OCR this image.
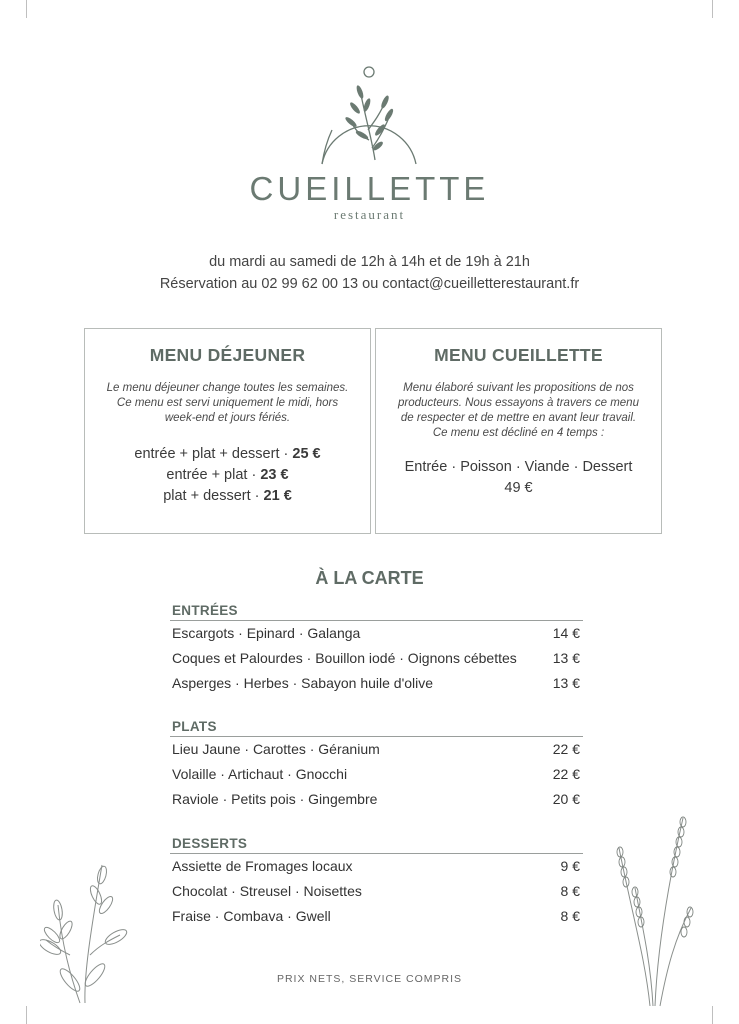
CUEILLETTE
restaurant
du mardi au samedi de 12h à 14h et de 19h à 21h
Réservation au 02 99 62 00 13 ou contact@cueilletterestaurant.fr
MENU DÉJEUNER
Le menu déjeuner change toutes les semaines.
Ce menu est servi uniquement le midi, hors
week-end et jours fériés.
entrée + plat + dessert · 25 €
entrée + plat · 23 €
plat + dessert · 21 €
MENU CUEILLETTE
Menu élaboré suivant les propositions de nos
producteurs. Nous essayons à travers ce menu
de respecter et de mettre en avant leur travail.
Ce menu est décliné en 4 temps :
Entrée · Poisson · Viande · Dessert
49 €
À LA CARTE
ENTRÉES
Escargots · Epinard · Galanga	14 €
Coques et Palourdes · Bouillon iodé · Oignons cébettes	13 €
Asperges · Herbes · Sabayon huile d'olive	13 €
PLATS
Lieu Jaune · Carottes · Géranium	22 €
Volaille · Artichaut · Gnocchi	22 €
Raviole · Petits pois · Gingembre	20 €
DESSERTS
Assiette de Fromages locaux	9 €
Chocolat · Streusel · Noisettes	8 €
Fraise · Combava · Gwell	8 €
PRIX NETS, SERVICE COMPRIS
